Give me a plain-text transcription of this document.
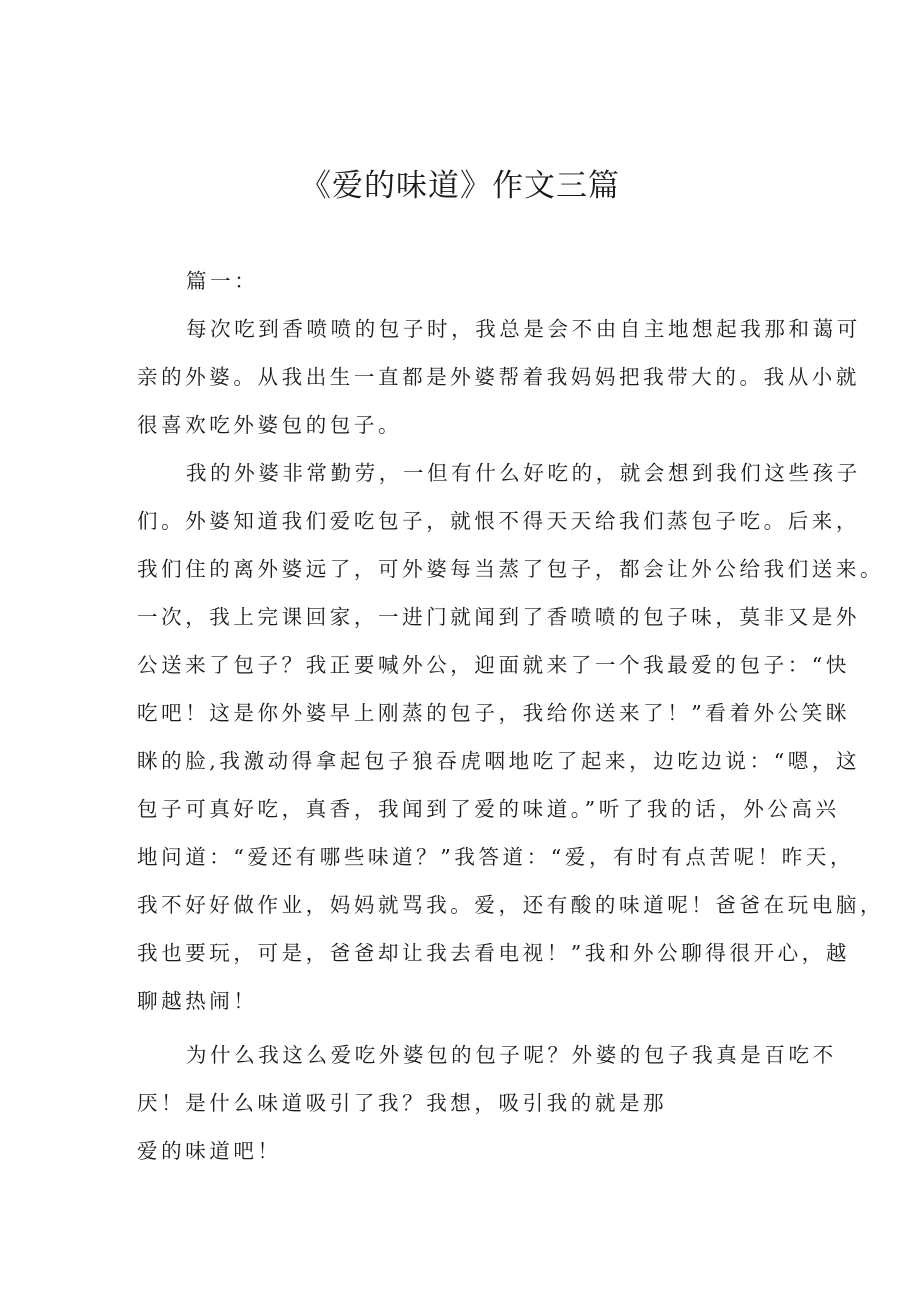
《爱的味道》作文三篇
篇一：
每次吃到香喷喷的包子时，我总是会不由自主地想起我那和蔼可
亲的外婆。从我出生一直都是外婆帮着我妈妈把我带大的。我从小就
很喜欢吃外婆包的包子。
我的外婆非常勤劳，一但有什么好吃的，就会想到我们这些孩子
们。外婆知道我们爱吃包子，就恨不得天天给我们蒸包子吃。后来，
我们住的离外婆远了，可外婆每当蒸了包子，都会让外公给我们送来。
一次，我上完课回家，一进门就闻到了香喷喷的包子味，莫非又是外
公送来了包子？我正要喊外公，迎面就来了一个我最爱的包子：“快
吃吧！这是你外婆早上刚蒸的包子，我给你送来了！”看着外公笑眯
眯的脸,我激动得拿起包子狼吞虎咽地吃了起来，边吃边说：“嗯，这
包子可真好吃，真香，我闻到了爱的味道。”听了我的话，外公高兴
地问道：“爱还有哪些味道？”我答道：“爱，有时有点苦呢！昨天，
我不好好做作业，妈妈就骂我。爱，还有酸的味道呢！爸爸在玩电脑，
我也要玩，可是，爸爸却让我去看电视！”我和外公聊得很开心，越
聊越热闹！
为什么我这么爱吃外婆包的包子呢？外婆的包子我真是百吃不
厌！是什么味道吸引了我？我想，吸引我的就是那
爱的味道吧！
